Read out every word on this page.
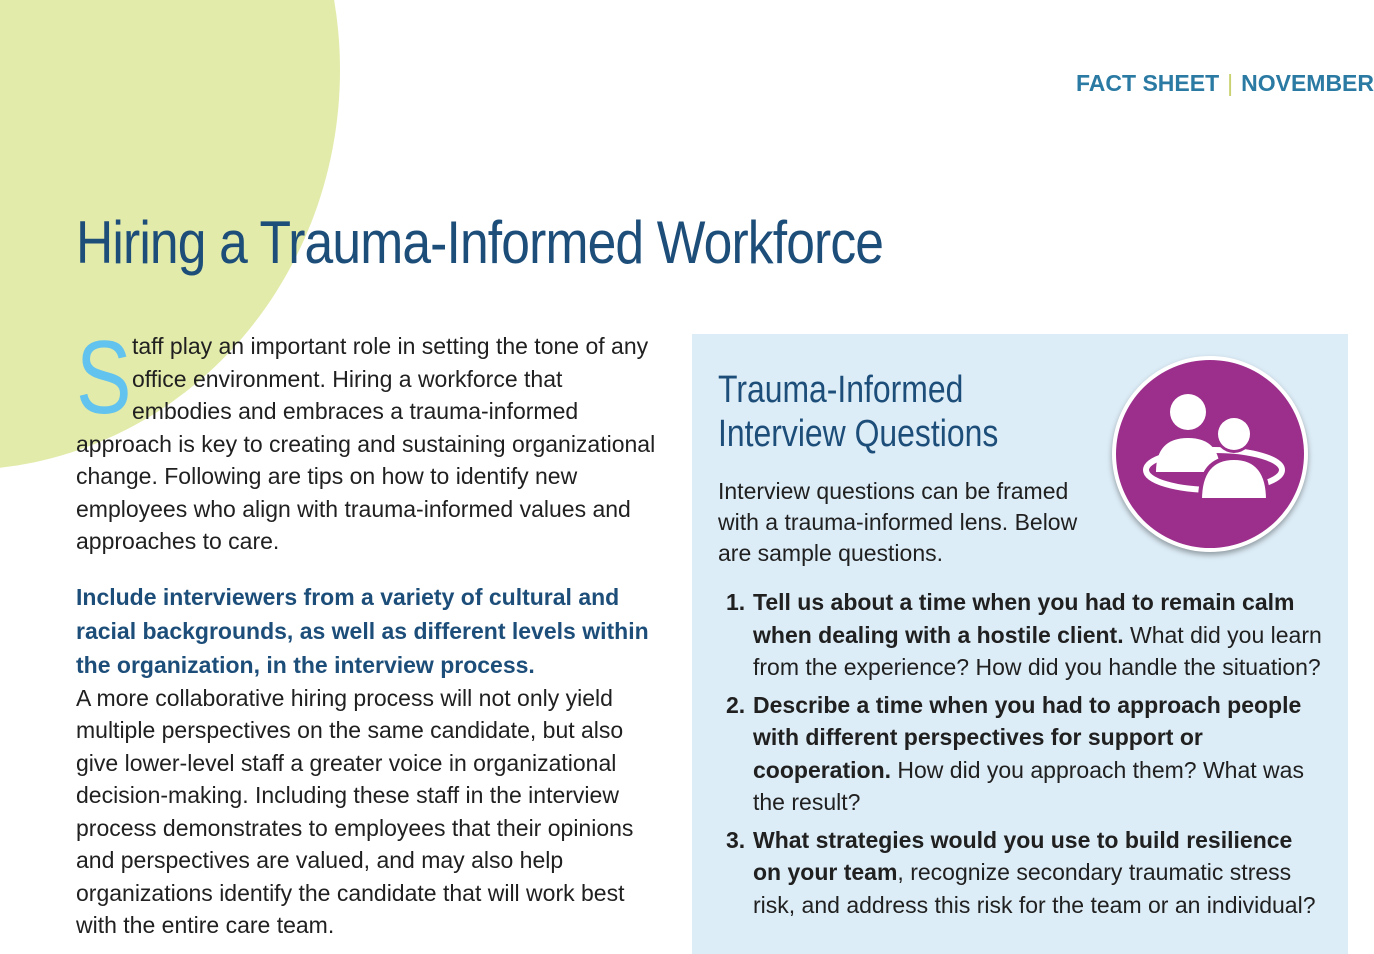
FACT SHEET | NOVEMBER
Hiring a Trauma-Informed Workforce

Staff play an important role in setting the tone of any office environment. Hiring a workforce that embodies and embraces a trauma-informed approach is key to creating and sustaining organizational change. Following are tips on how to identify new employees who align with trauma-informed values and approaches to care.

Include interviewers from a variety of cultural and racial backgrounds, as well as different levels within the organization, in the interview process.

A more collaborative hiring process will not only yield multiple perspectives on the same candidate, but also give lower-level staff a greater voice in organizational decision-making. Including these staff in the interview process demonstrates to employees that their opinions and perspectives are valued, and may also help organizations identify the candidate that will work best with the entire care team.

Trauma-Informed
Interview Questions

Interview questions can be framed with a trauma-informed lens. Below are sample questions.

1. Tell us about a time when you had to remain calm when dealing with a hostile client. What did you learn from the experience? How did you handle the situation?
2. Describe a time when you had to approach people with different perspectives for support or cooperation. How did you approach them? What was the result?
3. What strategies would you use to build resilience on your team, recognize secondary traumatic stress risk, and address this risk for the team or an individual?
